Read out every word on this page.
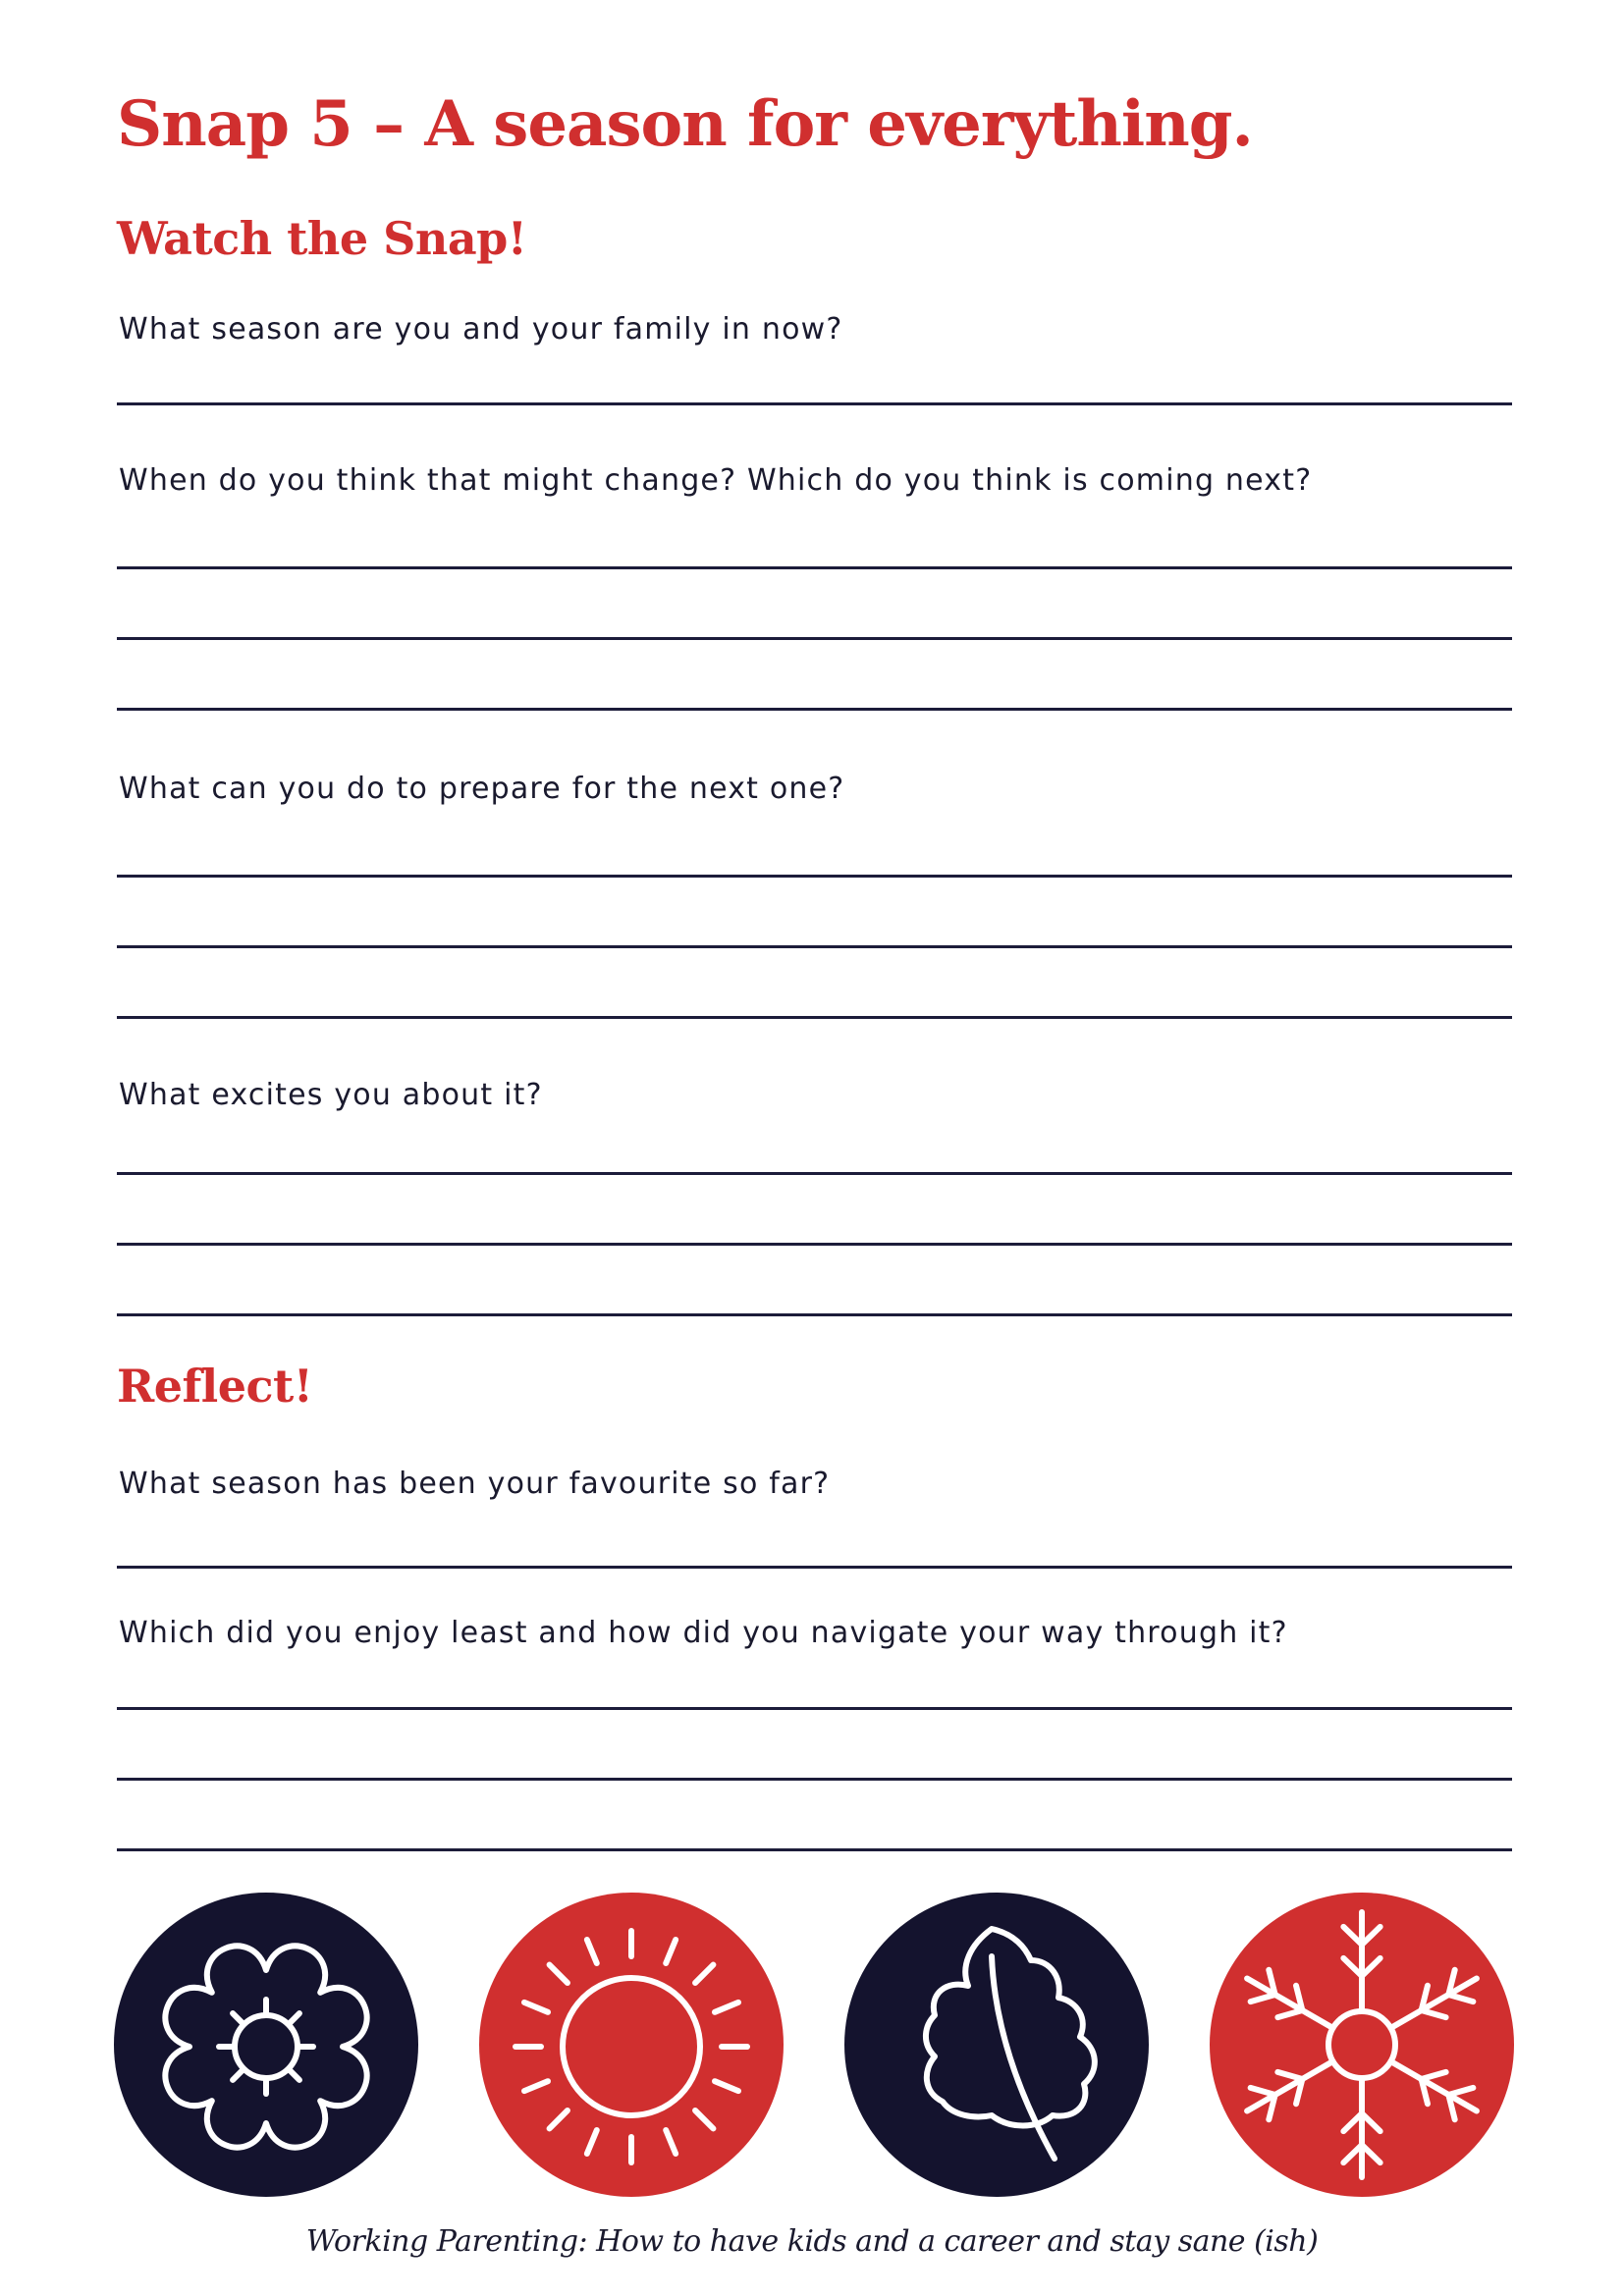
Snap 5 – A season for everything.
Watch the Snap!

What season are you and your family in now?

When do you think that might change? Which do you think is coming next?

What can you do to prepare for the next one?

What excites you about it?

Reflect!

What season has been your favourite so far?

Which did you enjoy least and how did you navigate your way through it?

Working Parenting: How to have kids and a career and stay sane (ish)
